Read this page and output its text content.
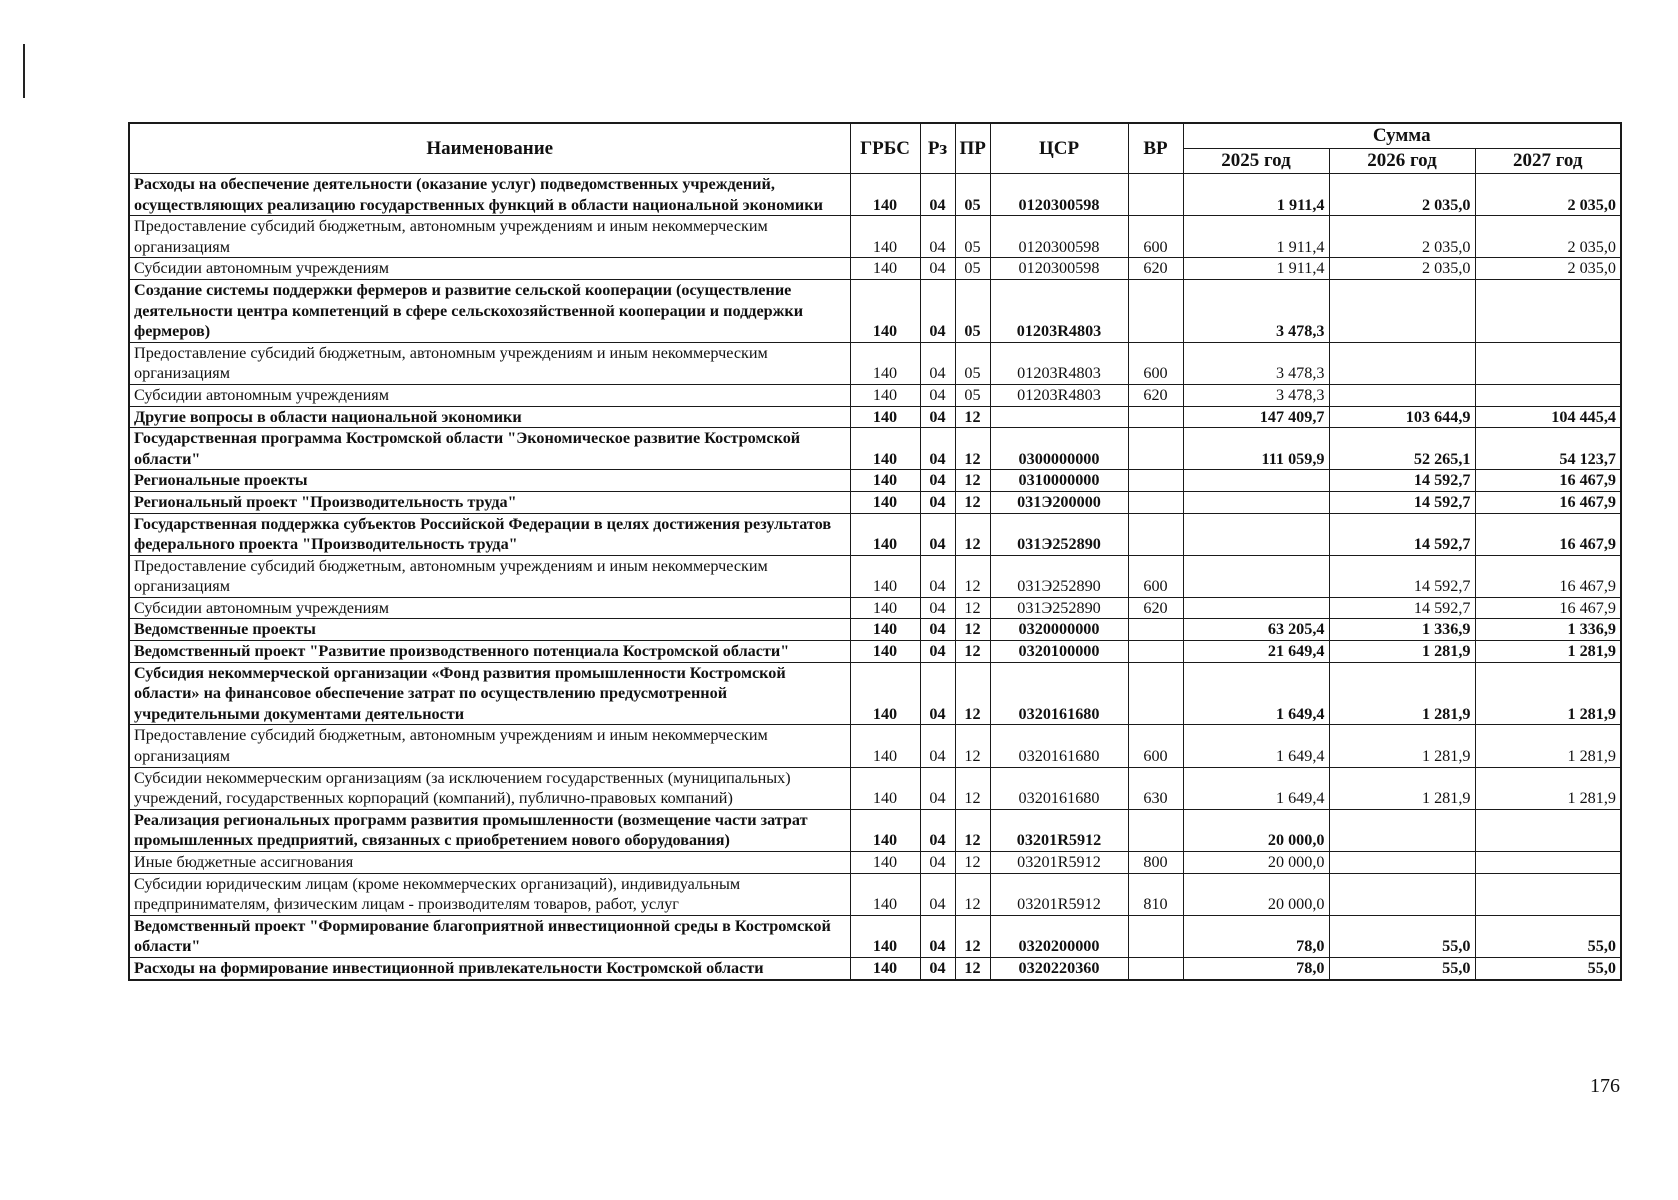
Наименование	ГРБС	Рз	ПР	ЦСР	ВР	Сумма		
						2025 год	2026 год	2027 год
Расходы на обеспечение деятельности (оказание услуг) подведомственных учреждений, осуществляющих реализацию государственных функций в области национальной экономики	140	04	05	0120300598		1 911,4	2 035,0	2 035,0
Предоставление субсидий бюджетным, автономным учреждениям и иным некоммерческим организациям	140	04	05	0120300598	600	1 911,4	2 035,0	2 035,0
Субсидии автономным учреждениям	140	04	05	0120300598	620	1 911,4	2 035,0	2 035,0
Создание системы поддержки фермеров и развитие сельской кооперации (осуществление деятельности центра компетенций в сфере сельскохозяйственной кооперации и поддержки фермеров)	140	04	05	01203R4803		3 478,3		
Предоставление субсидий бюджетным, автономным учреждениям и иным некоммерческим организациям	140	04	05	01203R4803	600	3 478,3		
Субсидии автономным учреждениям	140	04	05	01203R4803	620	3 478,3		
Другие вопросы в области национальной экономики	140	04	12			147 409,7	103 644,9	104 445,4
Государственная программа Костромской области "Экономическое развитие Костромской области"	140	04	12	0300000000		111 059,9	52 265,1	54 123,7
Региональные проекты	140	04	12	0310000000			14 592,7	16 467,9
Региональный проект "Производительность труда"	140	04	12	031Э200000			14 592,7	16 467,9
Государственная поддержка субъектов Российской Федерации в целях достижения результатов федерального проекта "Производительность труда"	140	04	12	031Э252890			14 592,7	16 467,9
Предоставление субсидий бюджетным, автономным учреждениям и иным некоммерческим организациям	140	04	12	031Э252890	600		14 592,7	16 467,9
Субсидии автономным учреждениям	140	04	12	031Э252890	620		14 592,7	16 467,9
Ведомственные проекты	140	04	12	0320000000		63 205,4	1 336,9	1 336,9
Ведомственный проект "Развитие производственного потенциала Костромской области"	140	04	12	0320100000		21 649,4	1 281,9	1 281,9
Субсидия некоммерческой организации «Фонд развития промышленности Костромской области» на финансовое обеспечение затрат по осуществлению предусмотренной учредительными документами деятельности	140	04	12	0320161680		1 649,4	1 281,9	1 281,9
Предоставление субсидий бюджетным, автономным учреждениям и иным некоммерческим организациям	140	04	12	0320161680	600	1 649,4	1 281,9	1 281,9
Субсидии некоммерческим организациям (за исключением государственных (муниципальных) учреждений, государственных корпораций (компаний), публично-правовых компаний)	140	04	12	0320161680	630	1 649,4	1 281,9	1 281,9
Реализация региональных программ развития промышленности (возмещение части затрат промышленных предприятий, связанных с приобретением нового оборудования)	140	04	12	03201R5912		20 000,0		
Иные бюджетные ассигнования	140	04	12	03201R5912	800	20 000,0		
Субсидии юридическим лицам (кроме некоммерческих организаций), индивидуальным предпринимателям, физическим лицам - производителям товаров, работ, услуг	140	04	12	03201R5912	810	20 000,0		
Ведомственный проект "Формирование благоприятной инвестиционной среды в Костромской области"	140	04	12	0320200000		78,0	55,0	55,0
Расходы на формирование инвестиционной привлекательности Костромской области	140	04	12	0320220360		78,0	55,0	55,0
176
